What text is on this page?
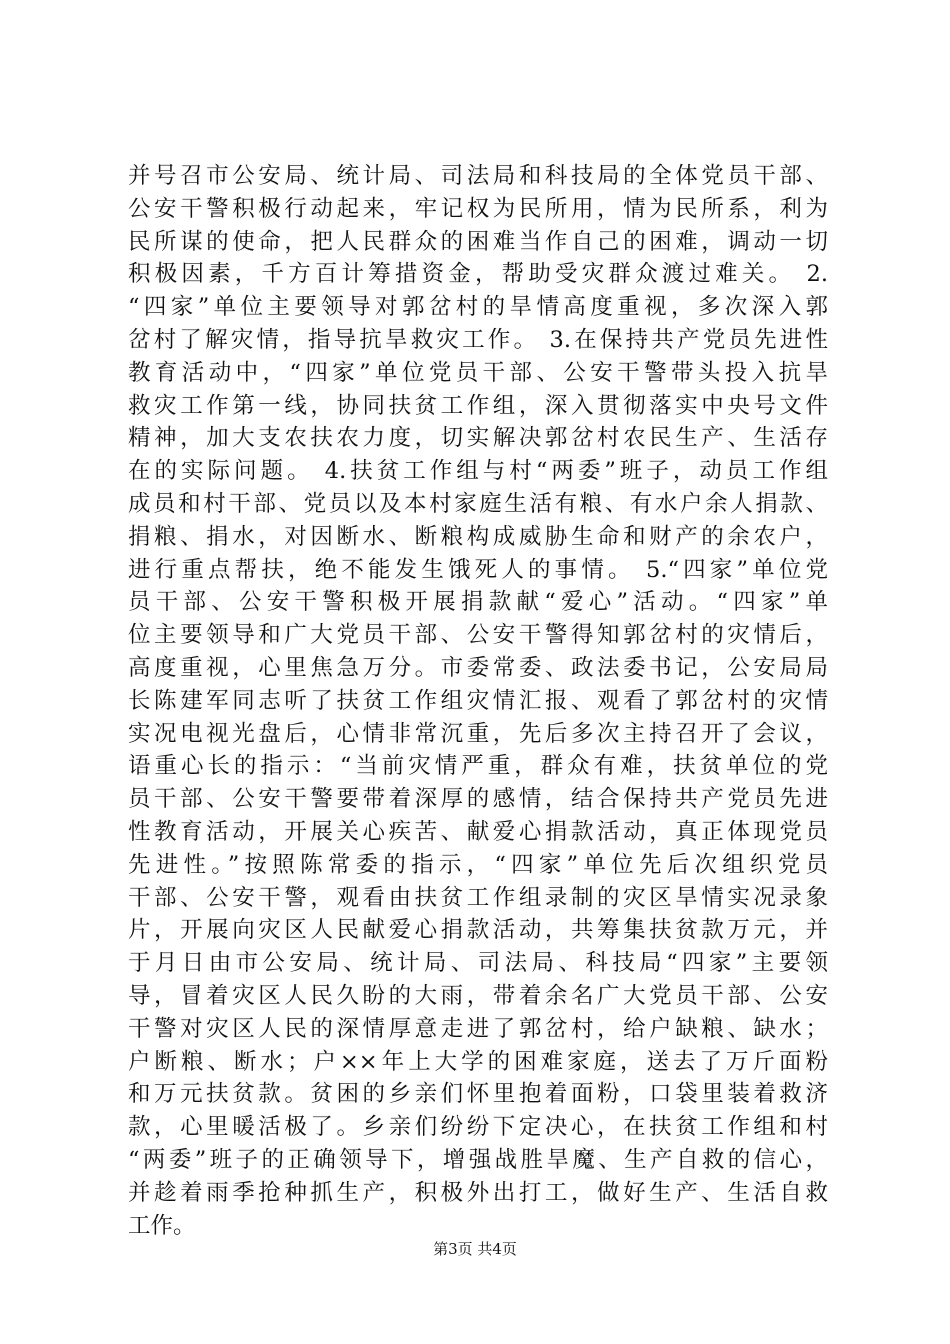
并号召市公安局、统计局、司法局和科技局的全体党员干部、
公安干警积极行动起来，牢记权为民所用，情为民所系，利为
民所谋的使命，把人民群众的困难当作自己的困难，调动一切
积极因素，千方百计筹措资金，帮助受灾群众渡过难关。 2.
“四家”单位主要领导对郭岔村的旱情高度重视，多次深入郭
岔村了解灾情，指导抗旱救灾工作。 3.在保持共产党员先进性
教育活动中，“四家”单位党员干部、公安干警带头投入抗旱
救灾工作第一线，协同扶贫工作组，深入贯彻落实中央号文件
精神，加大支农扶农力度，切实解决郭岔村农民生产、生活存
在的实际问题。 4.扶贫工作组与村“两委”班子，动员工作组
成员和村干部、党员以及本村家庭生活有粮、有水户余人捐款、
捐粮、捐水，对因断水、断粮构成威胁生命和财产的余农户，
进行重点帮扶，绝不能发生饿死人的事情。 5.“四家”单位党
员干部、公安干警积极开展捐款献“爱心”活动。“四家”单
位主要领导和广大党员干部、公安干警得知郭岔村的灾情后，
高度重视，心里焦急万分。市委常委、政法委书记，公安局局
长陈建军同志听了扶贫工作组灾情汇报、观看了郭岔村的灾情
实况电视光盘后，心情非常沉重，先后多次主持召开了会议，
语重心长的指示：“当前灾情严重，群众有难，扶贫单位的党
员干部、公安干警要带着深厚的感情，结合保持共产党员先进
性教育活动，开展关心疾苦、献爱心捐款活动，真正体现党员
先进性。”按照陈常委的指示，“四家”单位先后次组织党员
干部、公安干警，观看由扶贫工作组录制的灾区旱情实况录象
片，开展向灾区人民献爱心捐款活动，共筹集扶贫款万元，并
于月日由市公安局、统计局、司法局、科技局“四家”主要领
导，冒着灾区人民久盼的大雨，带着余名广大党员干部、公安
干警对灾区人民的深情厚意走进了郭岔村，给户缺粮、缺水；
户断粮、断水；户××年上大学的困难家庭，送去了万斤面粉
和万元扶贫款。贫困的乡亲们怀里抱着面粉，口袋里装着救济
款，心里暖活极了。乡亲们纷纷下定决心，在扶贫工作组和村
“两委”班子的正确领导下，增强战胜旱魔、生产自救的信心，
并趁着雨季抢种抓生产，积极外出打工，做好生产、生活自救
工作。
第3页 共4页
